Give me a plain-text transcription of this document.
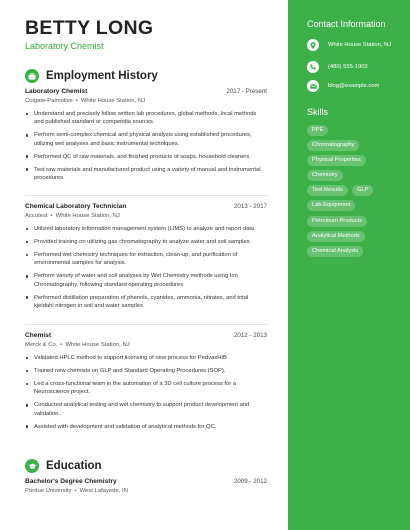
BETTY LONG
Laboratory Chemist
Employment History
Laboratory Chemist	2017 - Present
Colgate-Palmolive • White House Station, NJ
Understand and precisely follow written lab procedures, global methods, local methods and published standard or compendia sources.
Perform semi-complex chemical and physical analysis using established procedures, utilizing wet analyses and basic instrumental techniques.
Performed QC of raw materials, and finished products of soaps, household cleaners.
Test raw materials and manufactured product using a variety of manual and instrumental procedures.
Chemical Laboratory Technician	2013 - 2017
Accutest • White House Station, NJ
Utilized laboratory information management system (LIMS) to analyze and report data.
Provided training on utilizing gas chromatography to analyze water and soil samples.
Performed wet chemistry techniques for extraction, clean-up, and purification of environmental samples for analysis.
Perform variety of water and soil analyses by Wet Chemistry methods using Ion Chromatography, following standard operating procedures.
Performed distillation preparation of phenols, cyanides, ammonia, nitrates, and total kjeldahl nitrogen in soil and water samples.
Chemist	2012 - 2013
Merck & Co. • White House Station, NJ
Validated HPLC method to support licensing of new process for PedvaxHIB .
Trained new chemists on GLP and Standard Operating Procedures (SOP).
Led a cross-functional team in the automation of a 3D cell culture process for a Neuroscience project.
Conducted analytical testing and wet chemistry to support product development and validation.
Assisted with development and validation of analytical methods for QC.
Education
Bachelor's Degree Chemistry	2009 - 2012
Purdue University • West Lafayette, IN
Contact Information
White House Station, NJ
(480) 555-1903
blog@example.com
Skills
PPE
Chromatography
Physical Properties
Chemistry
Test Results	GLP
Lab Equipment
Petroleum Products
Analytical Methods
Chemical Analysis
